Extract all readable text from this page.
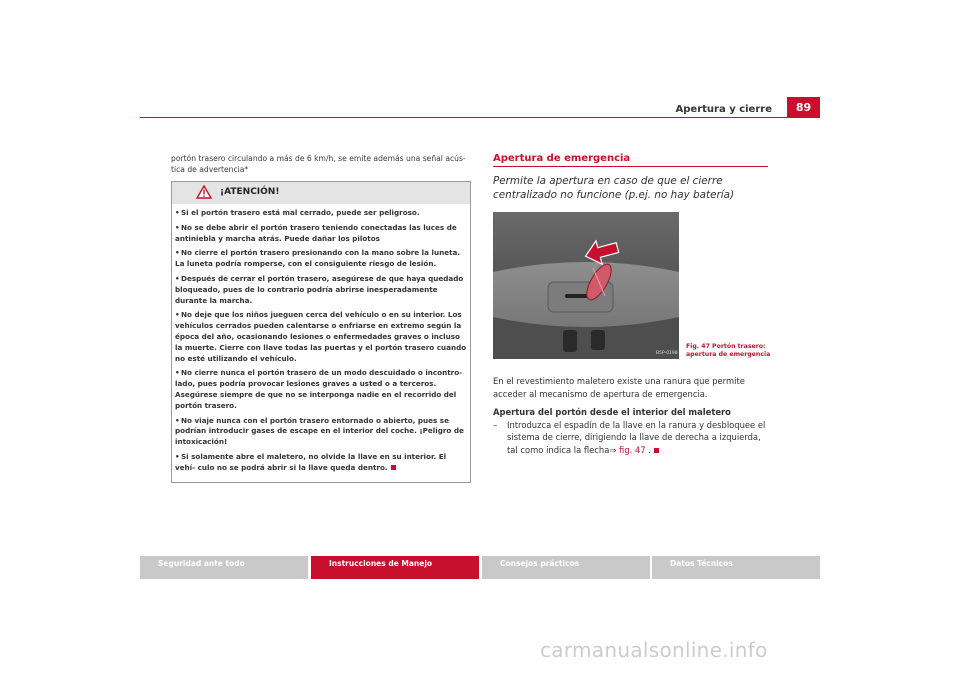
Apertura y cierre	89

portón trasero circulando a más de 6 km/h, se emite además una señal acús- tica de advertencia*

¡ATENCIÓN!

•Si el portón trasero está mal cerrado, puede ser peligroso.

•No se debe abrir el portón trasero teniendo conectadas las luces de antiniebla y marcha atrás. Puede dañar los pilotos

•No cierre el portón trasero presionando con la mano sobre la luneta. La luneta podría romperse, con el consiguiente riesgo de lesión.

•Después de cerrar el portón trasero, asegúrese de que haya quedado bloqueado, pues de lo contrario podría abrirse inesperadamente durante la marcha.

•No deje que los niños jueguen cerca del vehículo o en su interior. Los vehículos cerrados pueden calentarse o enfriarse en extremo según la época del año, ocasionando lesiones o enfermedades graves o incluso la muerte. Cierre con llave todas las puertas y el portón trasero cuando no esté utilizando el vehículo.

•No cierre nunca el portón trasero de un modo descuidado o incontro- lado, pues podría provocar lesiones graves a usted o a terceros. Asegúrese siempre de que no se interponga nadie en el recorrido del portón trasero.

•No viaje nunca con el portón trasero entornado o abierto, pues se podrían introducir gases de escape en el interior del coche. ¡Peligro de intoxicación!

•Si solamente abre el maletero, no olvide la llave en su interior. El vehí- culo no se podrá abrir si la llave queda dentro.

Apertura de emergencia

Permite la apertura en caso de que el cierre centralizado no funcione (p.ej. no hay batería)

B5P-0198
Fig. 47 Portón trasero: apertura de emergencia

En el revestimiento maletero existe una ranura que permite acceder al mecanismo de apertura de emergencia.

Apertura del portón desde el interior del maletero

–	Introduzca el espadín de la llave en la ranura y desbloquee el sistema de cierre, dirigiendo la llave de derecha a izquierda, tal como indica la flecha⇒ fig. 47 .
Seguridad ante todo	Instrucciones de Manejo	Consejos prácticos	Datos Técnicos
carmanualsonline.info
